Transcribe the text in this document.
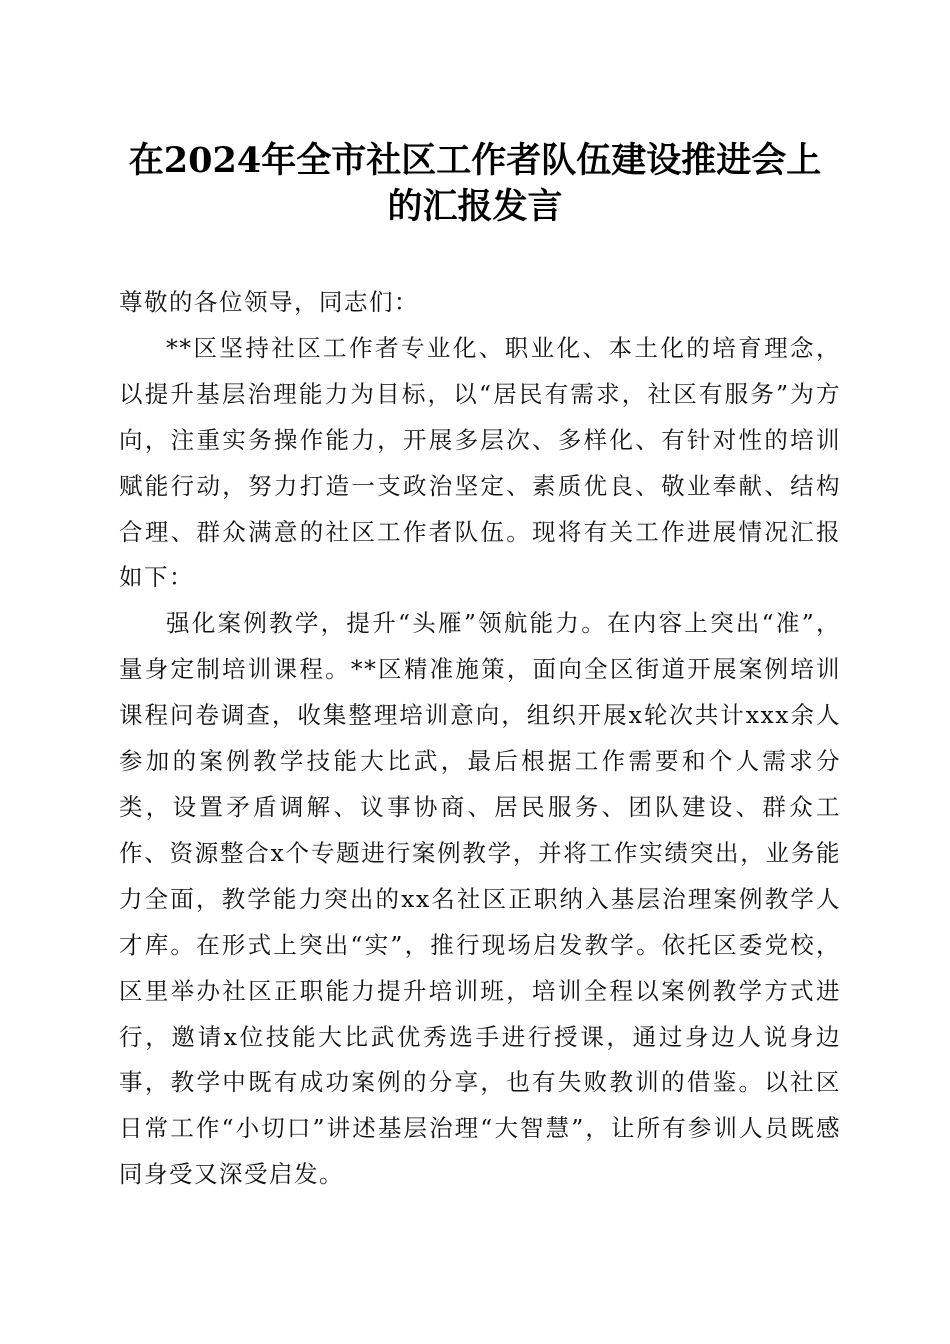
在2024年全市社区工作者队伍建设推进会上
的汇报发言

尊敬的各位领导，同志们：

**区坚持社区工作者专业化、职业化、本土化的培育理念，以提升基层治理能力为目标，以“居民有需求，社区有服务”为方向，注重实务操作能力，开展多层次、多样化、有针对性的培训赋能行动，努力打造一支政治坚定、素质优良、敬业奉献、结构合理、群众满意的社区工作者队伍。现将有关工作进展情况汇报如下：

强化案例教学，提升“头雁”领航能力。在内容上突出“准”，量身定制培训课程。**区精准施策，面向全区街道开展案例培训课程问卷调查，收集整理培训意向，组织开展x轮次共计xxx余人参加的案例教学技能大比武，最后根据工作需要和个人需求分类，设置矛盾调解、议事协商、居民服务、团队建设、群众工作、资源整合x个专题进行案例教学，并将工作实绩突出，业务能力全面，教学能力突出的xx名社区正职纳入基层治理案例教学人才库。在形式上突出“实”，推行现场启发教学。依托区委党校，区里举办社区正职能力提升培训班，培训全程以案例教学方式进行，邀请x位技能大比武优秀选手进行授课，通过身边人说身边事，教学中既有成功案例的分享，也有失败教训的借鉴。以社区日常工作“小切口”讲述基层治理“大智慧”，让所有参训人员既感同身受又深受启发。
